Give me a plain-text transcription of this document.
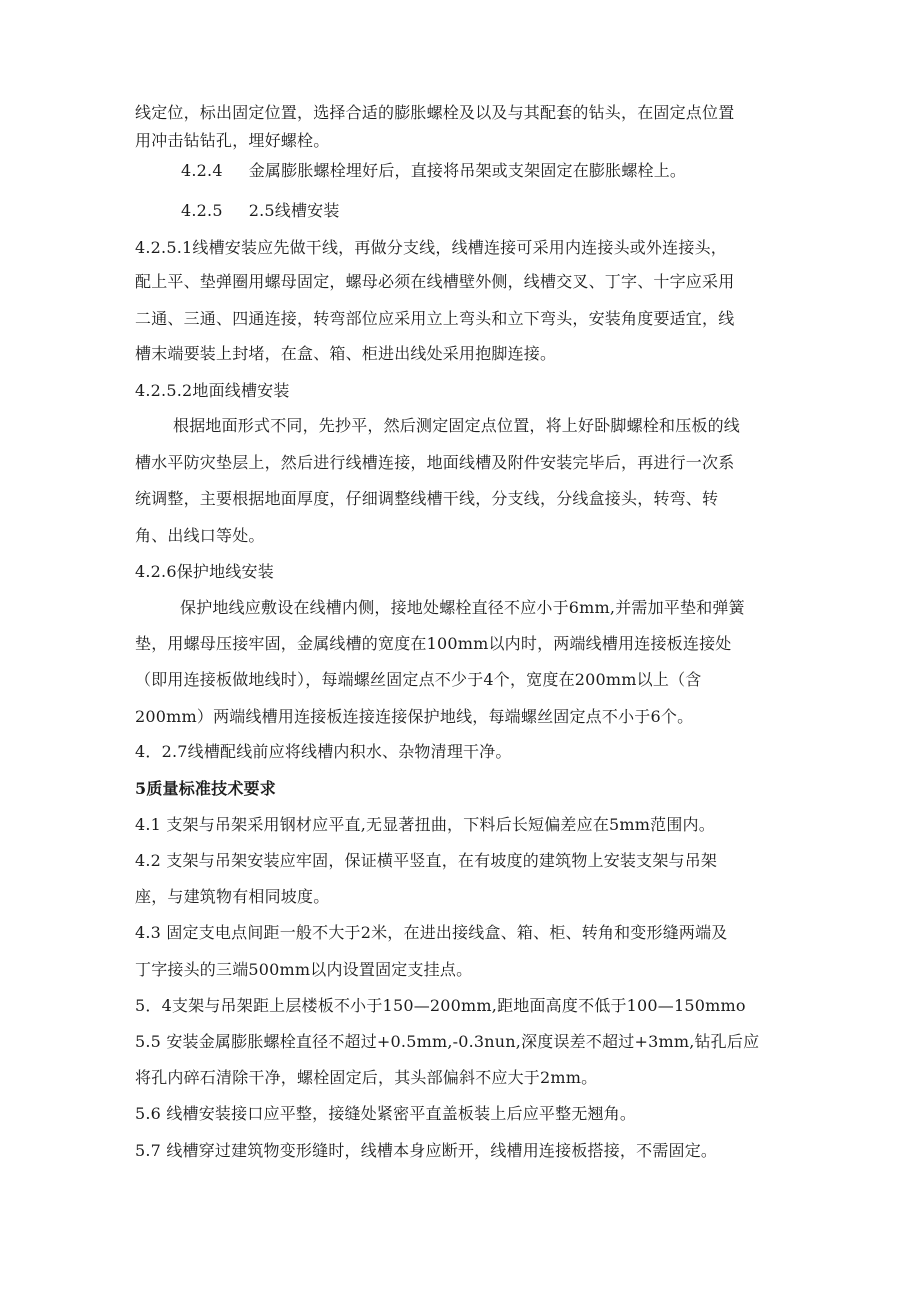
线定位，标出固定位置，选择合适的膨胀螺栓及以及与其配套的钻头，在固定点位置
用冲击钻钻孔，埋好螺栓。
4.2.4 金属膨胀螺栓埋好后，直接将吊架或支架固定在膨胀螺栓上。
4.2.5 2.5线槽安装
4.2.5.1线槽安装应先做干线，再做分支线，线槽连接可采用内连接头或外连接头，
配上平、垫弹圈用螺母固定，螺母必须在线槽壁外侧，线槽交叉、丁字、十字应采用
二通、三通、四通连接，转弯部位应采用立上弯头和立下弯头，安装角度要适宜，线
槽末端要装上封堵，在盒、箱、柜进出线处采用抱脚连接。
4.2.5.2地面线槽安装
根据地面形式不同，先抄平，然后测定固定点位置，将上好卧脚螺栓和压板的线
槽水平防灾垫层上，然后进行线槽连接，地面线槽及附件安装完毕后，再进行一次系
统调整，主要根据地面厚度，仔细调整线槽干线，分支线，分线盒接头，转弯、转
角、出线口等处。
4.2.6保护地线安装
保护地线应敷设在线槽内侧，接地处螺栓直径不应小于6mm,并需加平垫和弹簧
垫，用螺母压接牢固，金属线槽的宽度在100mm以内时，两端线槽用连接板连接处
（即用连接板做地线时），每端螺丝固定点不少于4个，宽度在200mm以上（含
200mm）两端线槽用连接板连接连接保护地线，每端螺丝固定点不小于6个。
4．2.7线槽配线前应将线槽内积水、杂物清理干净。
5质量标准技术要求
4.1 支架与吊架采用钢材应平直,无显著扭曲，下料后长短偏差应在5mm范围内。
4.2 支架与吊架安装应牢固，保证横平竖直，在有坡度的建筑物上安装支架与吊架
座，与建筑物有相同坡度。
4.3 固定支电点间距一般不大于2米，在进出接线盒、箱、柜、转角和变形缝两端及
丁字接头的三端500mm以内设置固定支挂点。
5．4支架与吊架距上层楼板不小于150—200mm,距地面高度不低于100—150mmo
5.5 安装金属膨胀螺栓直径不超过+0.5mm,-0.3nun,深度误差不超过+3mm,钻孔后应
将孔内碎石清除干净，螺栓固定后，其头部偏斜不应大于2mm。
5.6 线槽安装接口应平整，接缝处紧密平直盖板装上后应平整无翘角。
5.7 线槽穿过建筑物变形缝时，线槽本身应断开，线槽用连接板搭接，不需固定。
